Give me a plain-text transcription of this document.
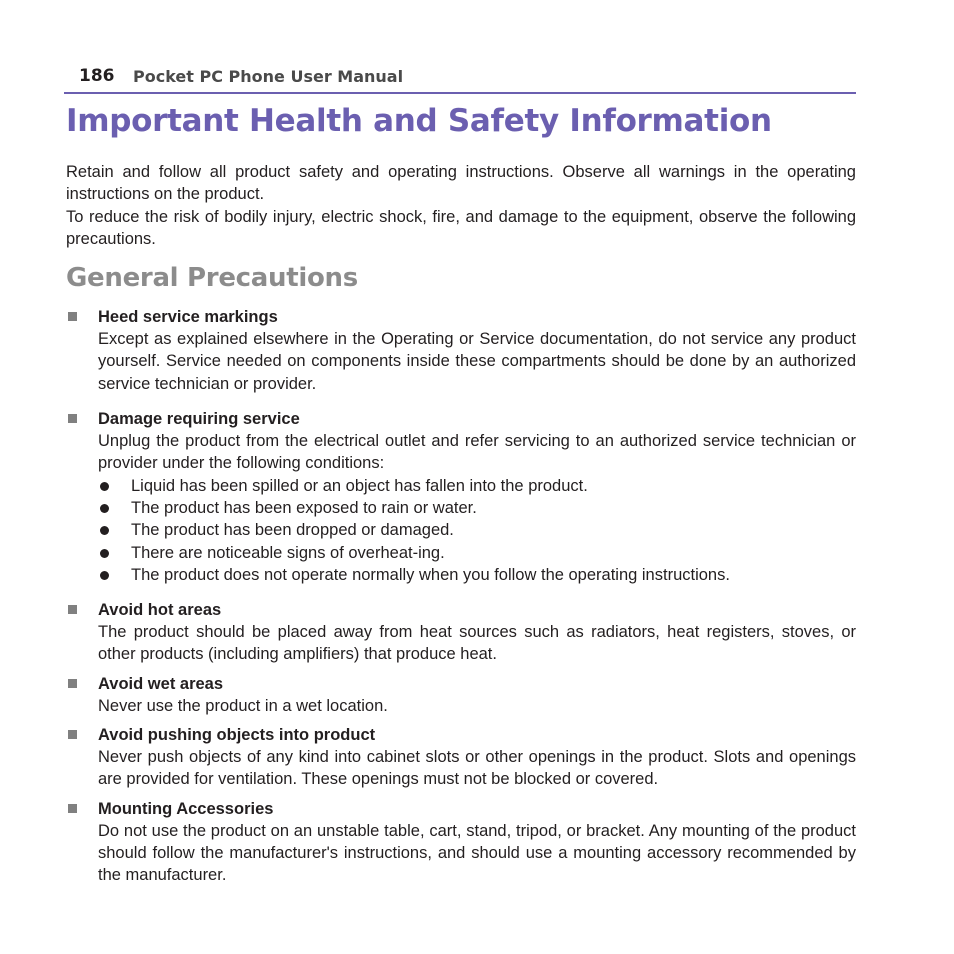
186 Pocket PC Phone User Manual
Important Health and Safety Information

Retain and follow all product safety and operating instructions. Observe all warnings in the operating instructions on the product.

To reduce the risk of bodily injury, electric shock, fire, and damage to the equipment, observe the following precautions.

General Precautions
Heed service markings

Except as explained elsewhere in the Operating or Service documentation, do not service any product yourself. Service needed on components inside these compartments should be done by an authorized service technician or provider.

Damage requiring service

Unplug the product from the electrical outlet and refer servicing to an authorized service technician or provider under the following conditions:

Liquid has been spilled or an object has fallen into the product.
The product has been exposed to rain or water.
The product has been dropped or damaged.
There are noticeable signs of overheat-ing.
The product does not operate normally when you follow the operating instructions.
Avoid hot areas

The product should be placed away from heat sources such as radiators, heat registers, stoves, or other products (including amplifiers) that produce heat.

Avoid wet areas

Never use the product in a wet location.

Avoid pushing objects into product

Never push objects of any kind into cabinet slots or other openings in the product. Slots and openings are provided for ventilation. These openings must not be blocked or covered.

Mounting Accessories

Do not use the product on an unstable table, cart, stand, tripod, or bracket. Any mounting of the product should follow the manufacturer's instructions, and should use a mounting accessory recommended by the manufacturer.
